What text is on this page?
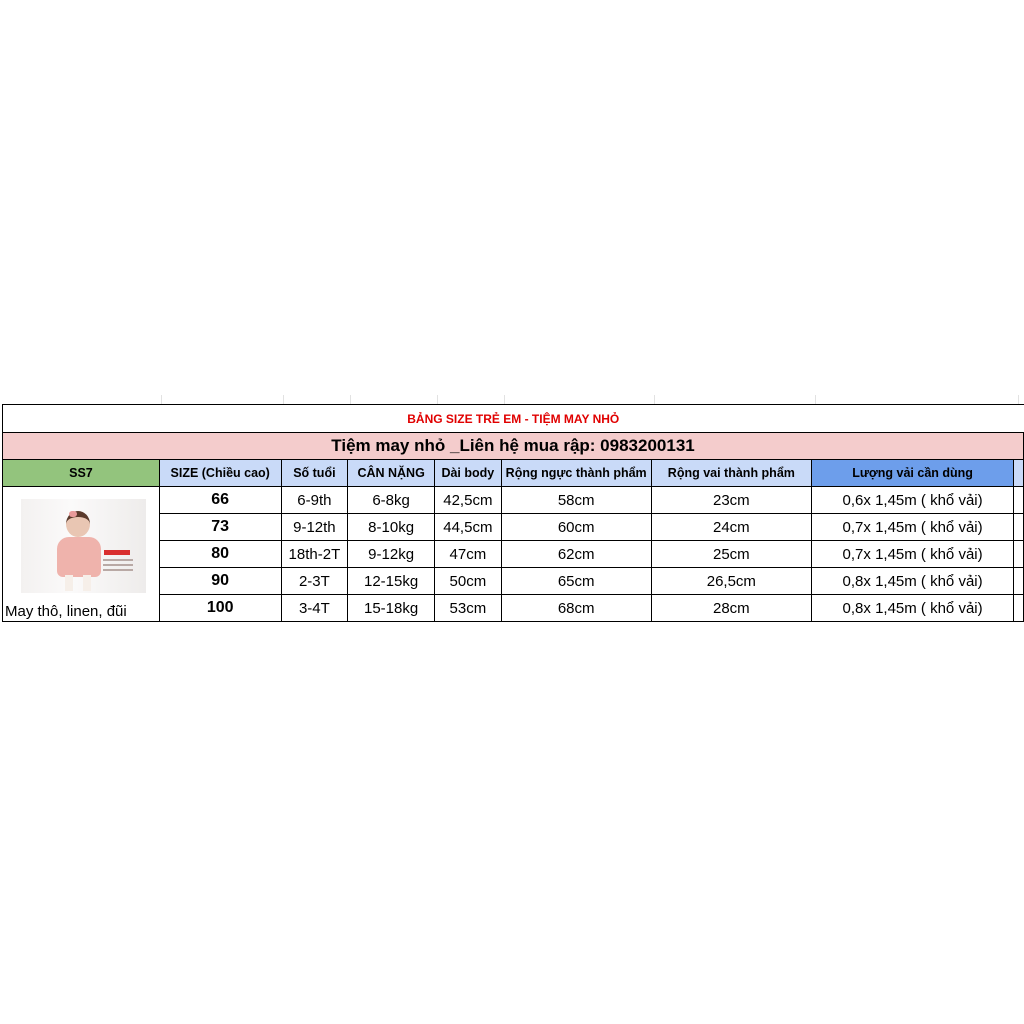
BẢNG SIZE TRẺ EM - TIỆM MAY NHỎ								
Tiệm may nhỏ _Liên hệ mua rập: 0983200131								
SS7	SIZE (Chiều cao)	Số tuổi	CÂN NẶNG	Dài body	Rộng ngực thành phẩm	Rộng vai thành phẩm	Lượng vải cần dùng	

May thô, linen, đũi	66	6-9th	6-8kg	42,5cm	58cm	23cm	0,6x 1,45m ( khổ vải)	
	73	9-12th	8-10kg	44,5cm	60cm	24cm	0,7x 1,45m ( khổ vải)	
	80	18th-2T	9-12kg	47cm	62cm	25cm	0,7x 1,45m ( khổ vải)	
	90	2-3T	12-15kg	50cm	65cm	26,5cm	0,8x 1,45m ( khổ vải)	
	100	3-4T	15-18kg	53cm	68cm	28cm	0,8x 1,45m ( khổ vải)	
